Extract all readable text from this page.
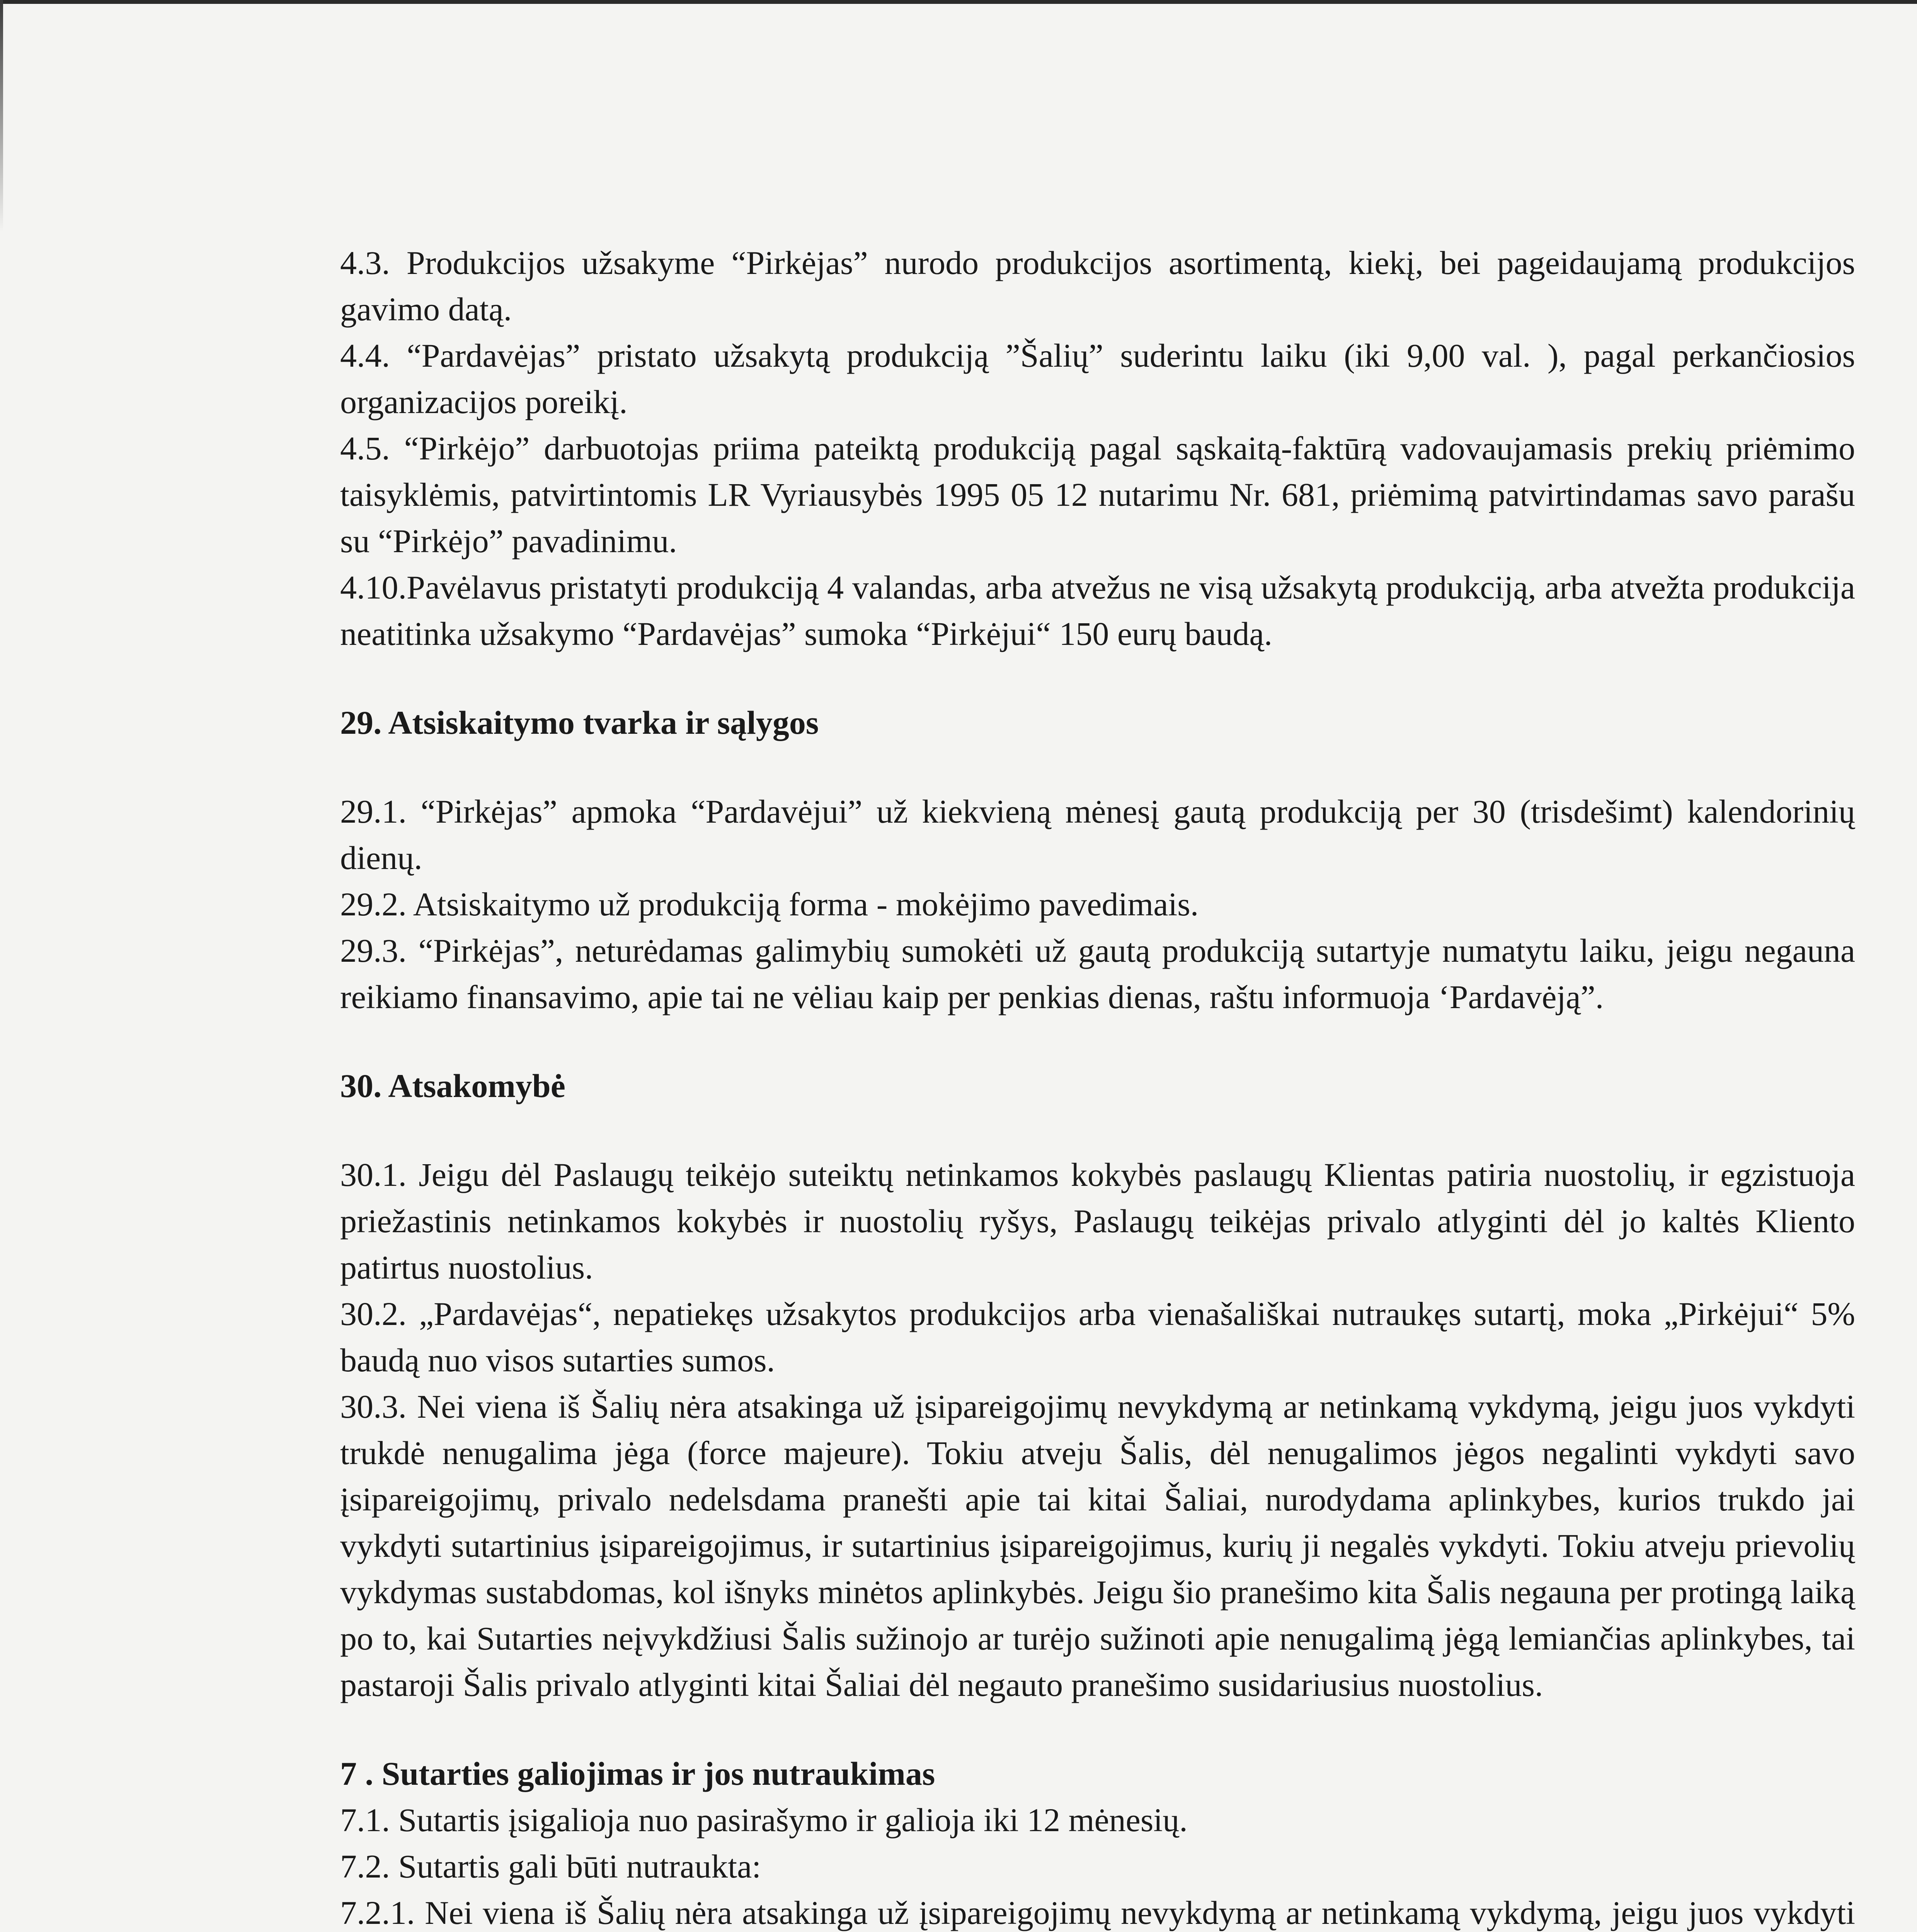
4.3. Produkcijos užsakyme “Pirkėjas” nurodo produkcijos asortimentą, kiekį, bei pageidaujamą produkcijos gavimo datą.

4.4. “Pardavėjas” pristato užsakytą produkciją ”Šalių” suderintu laiku (iki 9,00 val. ), pagal perkančiosios organizacijos poreikį.

4.5. “Pirkėjo” darbuotojas priima pateiktą produkciją pagal sąskaitą-faktūrą vadovaujamasis prekių priėmimo taisyklėmis, patvirtintomis LR Vyriausybės 1995 05 12 nutarimu Nr. 681, priėmimą patvirtindamas savo parašu su “Pirkėjo” pavadinimu.

4.10.Pavėlavus pristatyti produkciją 4 valandas, arba atvežus ne visą užsakytą produkciją, arba atvežta produkcija neatitinka užsakymo “Pardavėjas” sumoka “Pirkėjui“ 150 eurų baudą.

29. Atsiskaitymo tvarka ir sąlygos

29.1. “Pirkėjas” apmoka “Pardavėjui” už kiekvieną mėnesį gautą produkciją per 30 (trisdešimt) kalendorinių dienų.

29.2. Atsiskaitymo už produkciją forma - mokėjimo pavedimais.

29.3. “Pirkėjas”, neturėdamas galimybių sumokėti už gautą produkciją sutartyje numatytu laiku, jeigu negauna reikiamo finansavimo, apie tai ne vėliau kaip per penkias dienas, raštu informuoja ‘Pardavėją”.

30. Atsakomybė

30.1. Jeigu dėl Paslaugų teikėjo suteiktų netinkamos kokybės paslaugų Klientas patiria nuostolių, ir egzistuoja priežastinis netinkamos kokybės ir nuostolių ryšys, Paslaugų teikėjas privalo atlyginti dėl jo kaltės Kliento patirtus nuostolius.

30.2. „Pardavėjas“, nepatiekęs užsakytos produkcijos arba vienašališkai nutraukęs sutartį, moka „Pirkėjui“ 5% baudą nuo visos sutarties sumos.

30.3. Nei viena iš Šalių nėra atsakinga už įsipareigojimų nevykdymą ar netinkamą vykdymą, jeigu juos vykdyti trukdė nenugalima jėga (force majeure). Tokiu atveju Šalis, dėl nenugalimos jėgos negalinti vykdyti savo įsipareigojimų, privalo nedelsdama pranešti apie tai kitai Šaliai, nurodydama aplinkybes, kurios trukdo jai vykdyti sutartinius įsipareigojimus, ir sutartinius įsipareigojimus, kurių ji negalės vykdyti. Tokiu atveju prievolių vykdymas sustabdomas, kol išnyks minėtos aplinkybės. Jeigu šio pranešimo kita Šalis negauna per protingą laiką po to, kai Sutarties neįvykdžiusi Šalis sužinojo ar turėjo sužinoti apie nenugalimą jėgą lemiančias aplinkybes, tai pastaroji Šalis privalo atlyginti kitai Šaliai dėl negauto pranešimo susidariusius nuostolius.

7 . Sutarties galiojimas ir jos nutraukimas

7.1. Sutartis įsigalioja nuo pasirašymo ir galioja iki 12 mėnesių.

7.2. Sutartis gali būti nutraukta:

7.2.1. Nei viena iš Šalių nėra atsakinga už įsipareigojimų nevykdymą ar netinkamą vykdymą, jeigu juos vykdyti
